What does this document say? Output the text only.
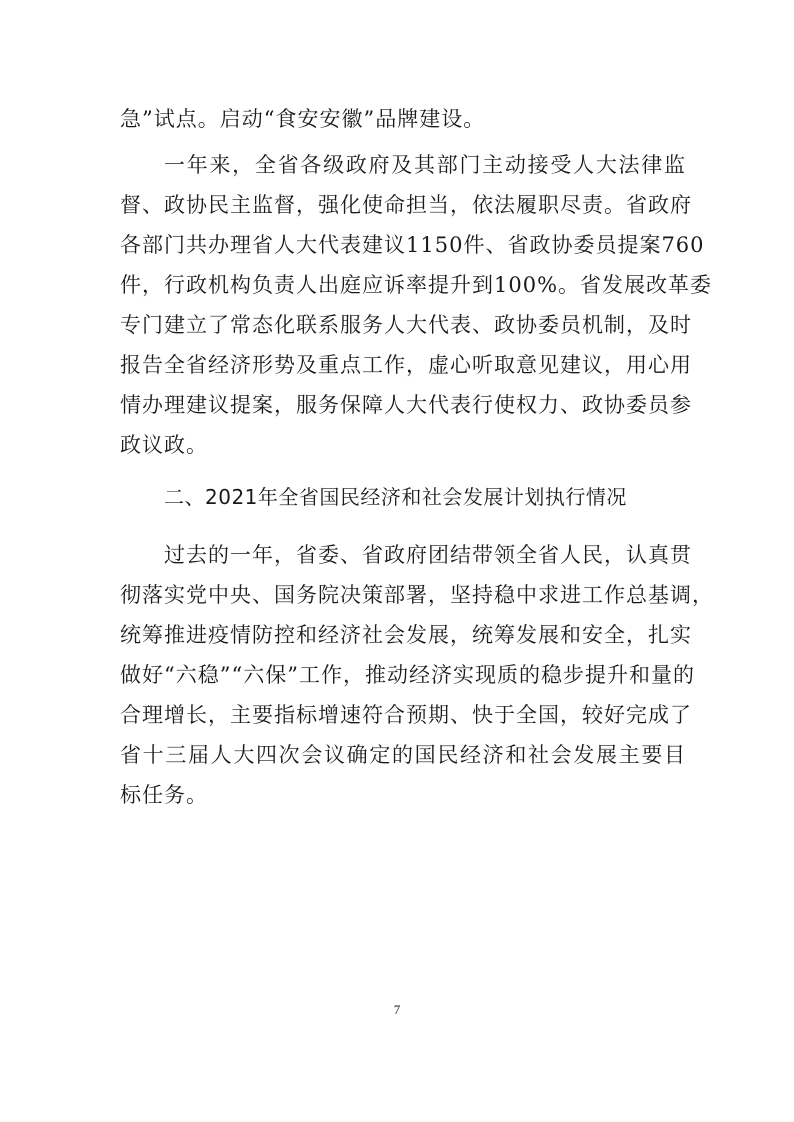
急”试点。启动“食安安徽”品牌建设。
一年来，全省各级政府及其部门主动接受人大法律监
督、政协民主监督，强化使命担当，依法履职尽责。省政府
各部门共办理省人大代表建议1150件、省政协委员提案760
件，行政机构负责人出庭应诉率提升到100%。省发展改革委
专门建立了常态化联系服务人大代表、政协委员机制，及时
报告全省经济形势及重点工作，虚心听取意见建议，用心用
情办理建议提案，服务保障人大代表行使权力、政协委员参
政议政。
二、2021年全省国民经济和社会发展计划执行情况
过去的一年，省委、省政府团结带领全省人民，认真贯
彻落实党中央、国务院决策部署，坚持稳中求进工作总基调，
统筹推进疫情防控和经济社会发展，统筹发展和安全，扎实
做好“六稳”“六保”工作，推动经济实现质的稳步提升和量的
合理增长，主要指标增速符合预期、快于全国，较好完成了
省十三届人大四次会议确定的国民经济和社会发展主要目
标任务。
7
